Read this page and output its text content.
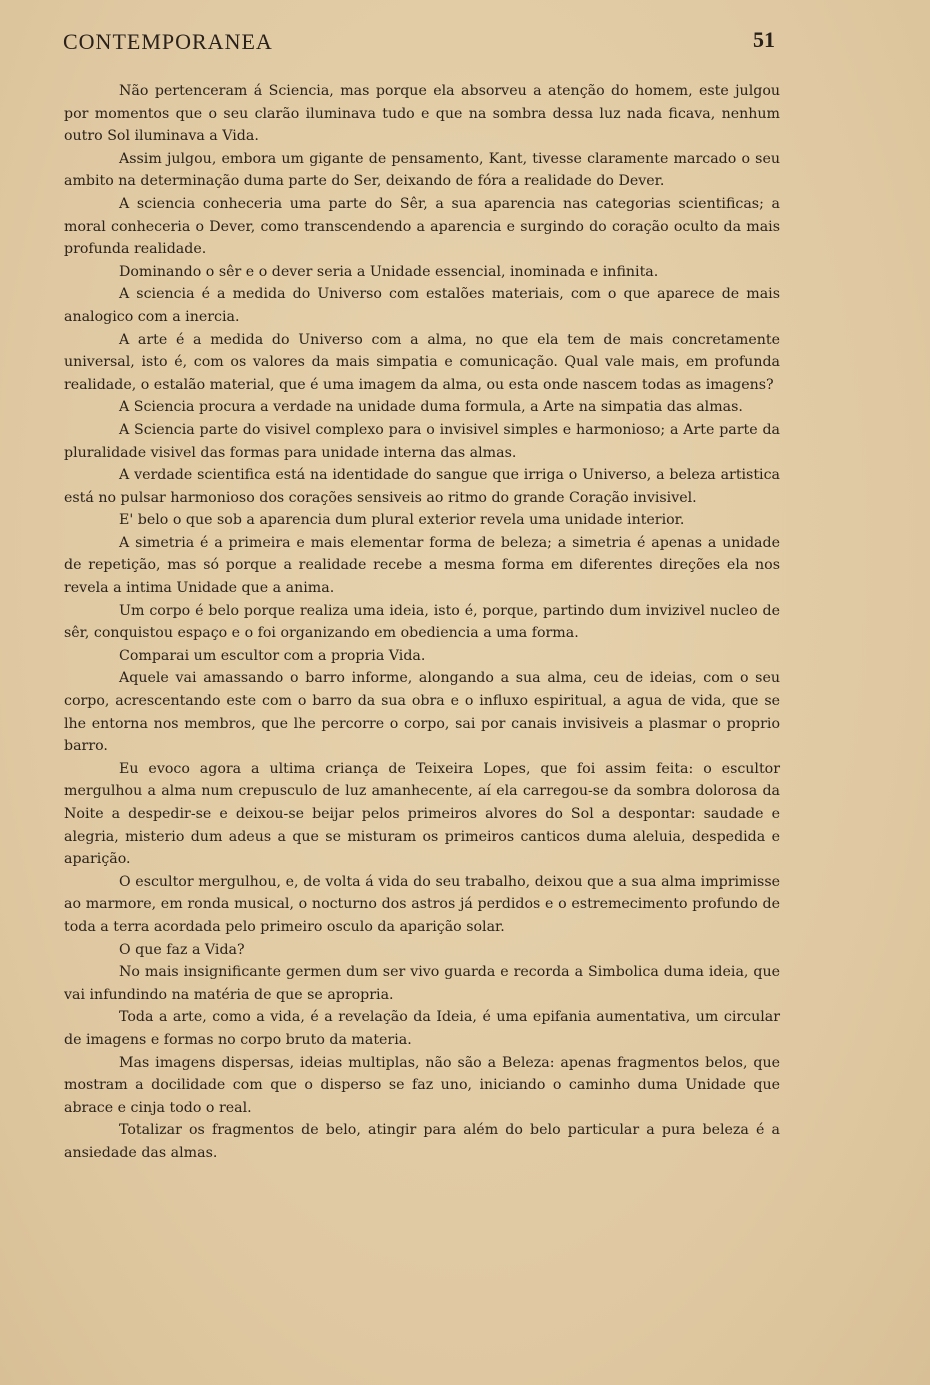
CONTEMPORANEA	51

Não pertenceram á Sciencia, mas porque ela absorveu a atenção do homem, este julgou por momentos que o seu clarão iluminava tudo e que na sombra dessa luz nada ficava, nenhum outro Sol iluminava a Vida.

Assim julgou, embora um gigante de pensamento, Kant, tivesse claramente marcado o seu ambito na determinação duma parte do Ser, deixando de fóra a realidade do Dever.

A sciencia conheceria uma parte do Sêr, a sua aparencia nas categorias scientificas; a moral conheceria o Dever, como transcendendo a aparencia e surgindo do coração oculto da mais profunda realidade.

Dominando o sêr e o dever seria a Unidade essencial, inominada e infinita.

A sciencia é a medida do Universo com estalões materiais, com o que aparece de mais analogico com a inercia.

A arte é a medida do Universo com a alma, no que ela tem de mais concretamente universal, isto é, com os valores da mais simpatia e comunicação. Qual vale mais, em profunda realidade, o estalão material, que é uma imagem da alma, ou esta onde nascem todas as imagens?

A Sciencia procura a verdade na unidade duma formula, a Arte na simpatia das almas.

A Sciencia parte do visivel complexo para o invisivel simples e harmonioso; a Arte parte da pluralidade visivel das formas para unidade interna das almas.

A verdade scientifica está na identidade do sangue que irriga o Universo, a beleza artistica está no pulsar harmonioso dos corações sensiveis ao ritmo do grande Coração invisivel.

E' belo o que sob a aparencia dum plural exterior revela uma unidade interior.

A simetria é a primeira e mais elementar forma de beleza; a simetria é apenas a unidade de repetição, mas só porque a realidade recebe a mesma forma em diferentes direções ela nos revela a intima Unidade que a anima.

Um corpo é belo porque realiza uma ideia, isto é, porque, partindo dum invizivel nucleo de sêr, conquistou espaço e o foi organizando em obediencia a uma forma.

Comparai um escultor com a propria Vida.

Aquele vai amassando o barro informe, alongando a sua alma, ceu de ideias, com o seu corpo, acrescentando este com o barro da sua obra e o influxo espiritual, a agua de vida, que se lhe entorna nos membros, que lhe percorre o corpo, sai por canais invisiveis a plasmar o proprio barro.

Eu evoco agora a ultima criança de Teixeira Lopes, que foi assim feita: o escultor mergulhou a alma num crepusculo de luz amanhecente, aí ela carregou-se da sombra dolorosa da Noite a despedir-se e deixou-se beijar pelos primeiros alvores do Sol a despontar: saudade e alegria, misterio dum adeus a que se misturam os primeiros canticos duma aleluia, despedida e aparição.

O escultor mergulhou, e, de volta á vida do seu trabalho, deixou que a sua alma imprimisse ao marmore, em ronda musical, o nocturno dos astros já perdidos e o estremecimento profundo de toda a terra acordada pelo primeiro osculo da aparição solar.

O que faz a Vida?

No mais insignificante germen dum ser vivo guarda e recorda a Simbolica duma ideia, que vai infundindo na matéria de que se apropria.

Toda a arte, como a vida, é a revelação da Ideia, é uma epifania aumentativa, um circular de imagens e formas no corpo bruto da materia.

Mas imagens dispersas, ideias multiplas, não são a Beleza: apenas fragmentos belos, que mostram a docilidade com que o disperso se faz uno, iniciando o caminho duma Unidade que abrace e cinja todo o real.

Totalizar os fragmentos de belo, atingir para além do belo particular a pura beleza é a ansiedade das almas.
